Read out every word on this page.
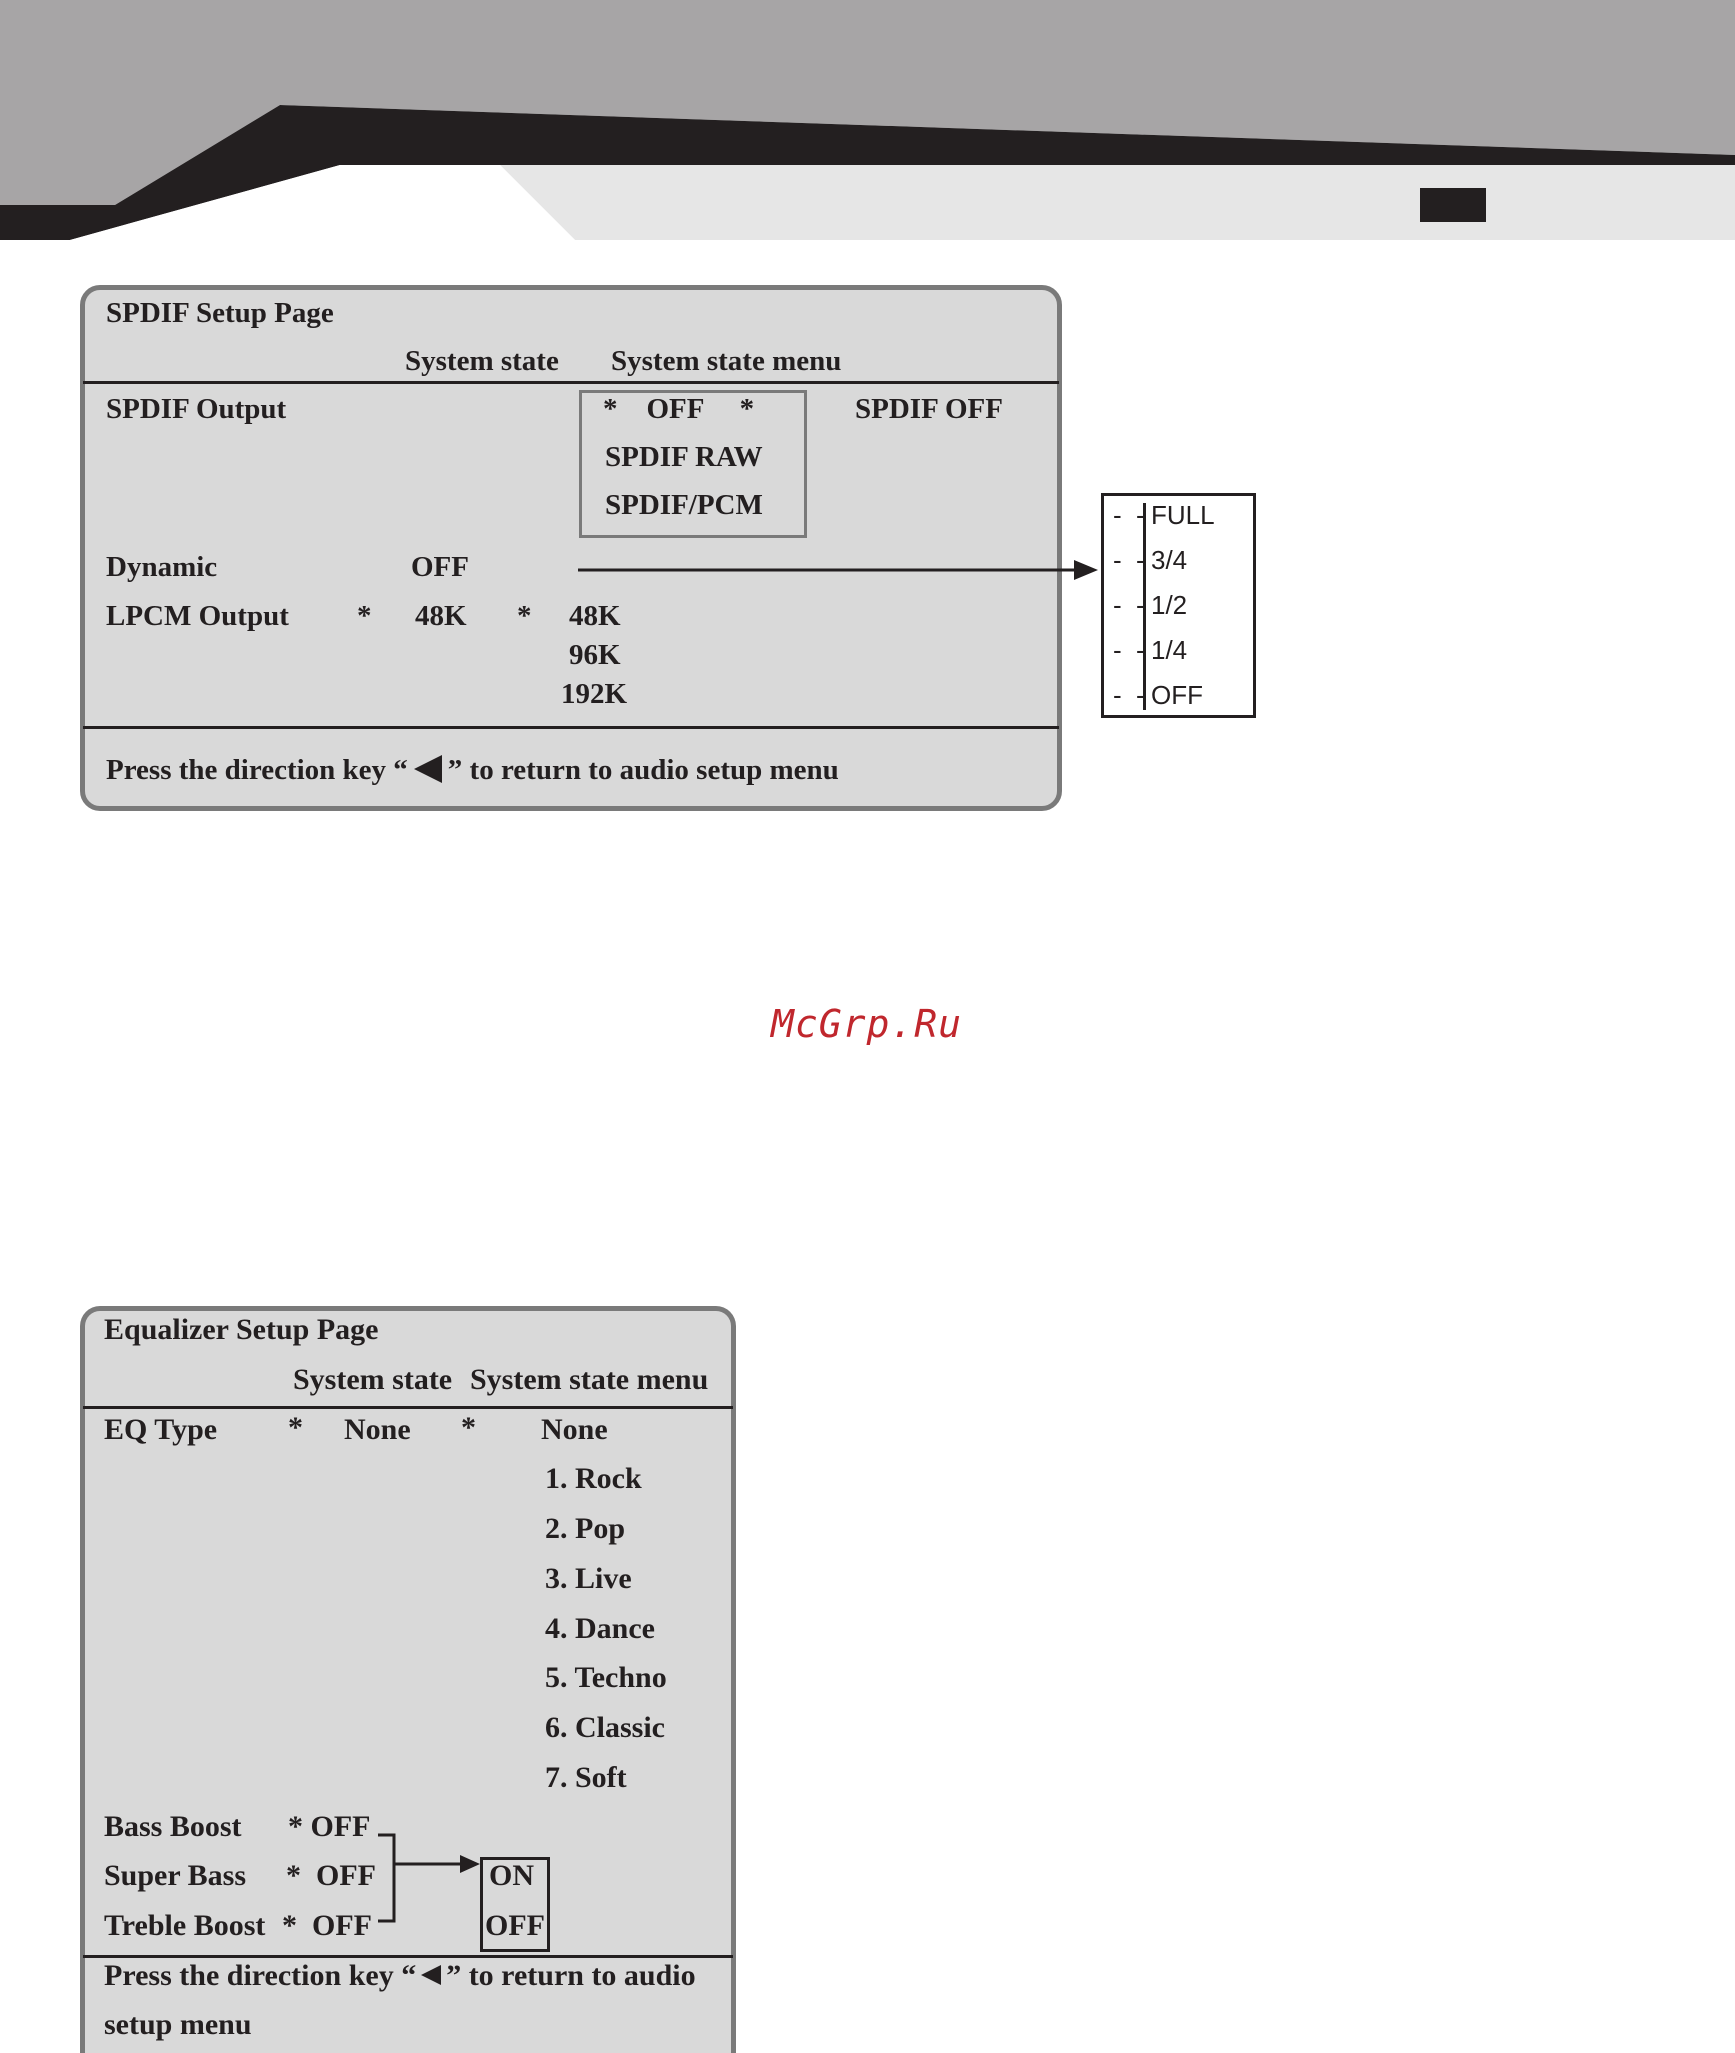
SPDIF Setup Page
System state System state menu
SPDIF Output	*    OFF     *
SPDIF RAW
SPDIF/PCM
SPDIF OFF
Dynamic	OFF
LPCM Output * 48K * 48K
96K
192K
Press the direction key “ ” to return to audio setup menu
- - FULL
- - 3/4
- - 1/2
- - 1/4
- - OFF
McGrp.Ru
Equalizer Setup Page
System state System state menu
EQ Type * None * None
1. Rock
2. Pop
3. Live
4. Dance
5. Techno
6. Classic
7. Soft
Bass Boost * OFF
Super Bass *  OFF
Treble Boost *  OFF
ON
OFF
Press the direction key “ ” to return to audio
setup menu
